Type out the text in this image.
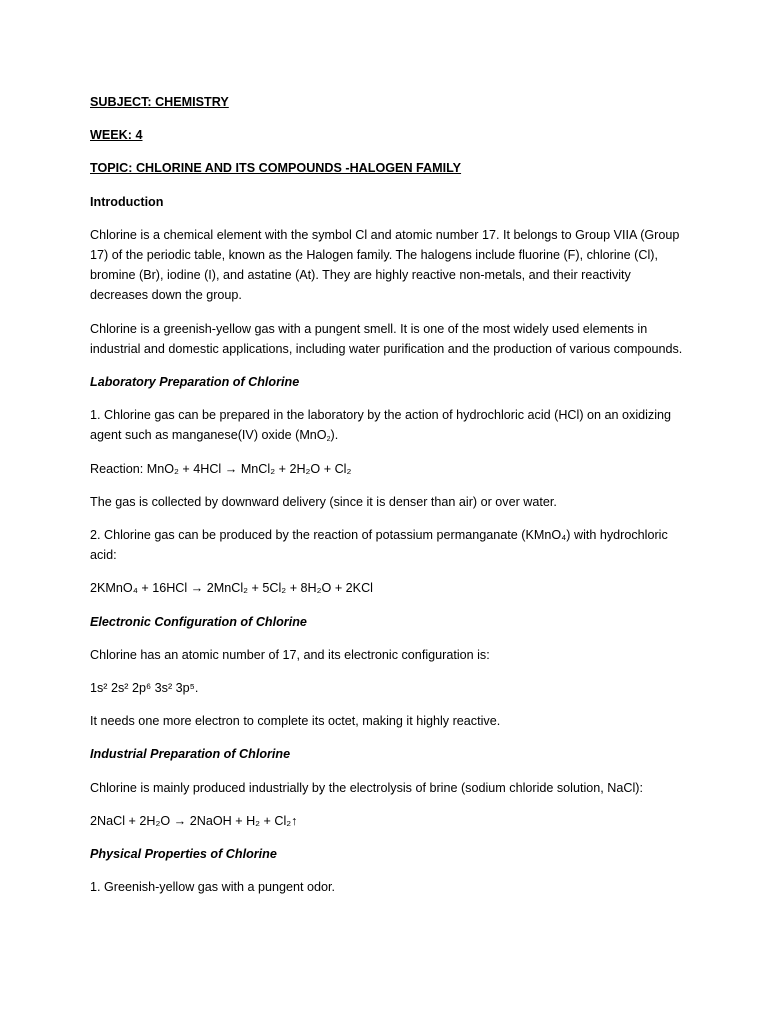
SUBJECT: CHEMISTRY
WEEK: 4
TOPIC: CHLORINE AND ITS COMPOUNDS -HALOGEN FAMILY
Introduction
Chlorine is a chemical element with the symbol Cl and atomic number 17. It belongs to Group VIIA (Group 17) of the periodic table, known as the Halogen family. The halogens include fluorine (F), chlorine (Cl), bromine (Br), iodine (I), and astatine (At). They are highly reactive non-metals, and their reactivity decreases down the group.
Chlorine is a greenish-yellow gas with a pungent smell. It is one of the most widely used elements in industrial and domestic applications, including water purification and the production of various compounds.
Laboratory Preparation of Chlorine
1. Chlorine gas can be prepared in the laboratory by the action of hydrochloric acid (HCl) on an oxidizing agent such as manganese(IV) oxide (MnO$_2$).
Reaction: MnO₂ + 4HCl → MnCl₂ + 2H₂O + Cl₂
The gas is collected by downward delivery (since it is denser than air) or over water.
2. Chlorine gas can be produced by the reaction of potassium permanganate (KMnO₄) with hydrochloric acid:
2KMnO₄ + 16HCl → 2MnCl₂ + 5Cl₂ + 8H₂O + 2KCl
Electronic Configuration of Chlorine
Chlorine has an atomic number of 17, and its electronic configuration is:
1s² 2s² 2p⁶ 3s² 3p⁵.
It needs one more electron to complete its octet, making it highly reactive.
Industrial Preparation of Chlorine
Chlorine is mainly produced industrially by the electrolysis of brine (sodium chloride solution, NaCl):
2NaCl + 2H₂O → 2NaOH + H₂ + Cl₂↑
Physical Properties of Chlorine
1. Greenish-yellow gas with a pungent odor.
